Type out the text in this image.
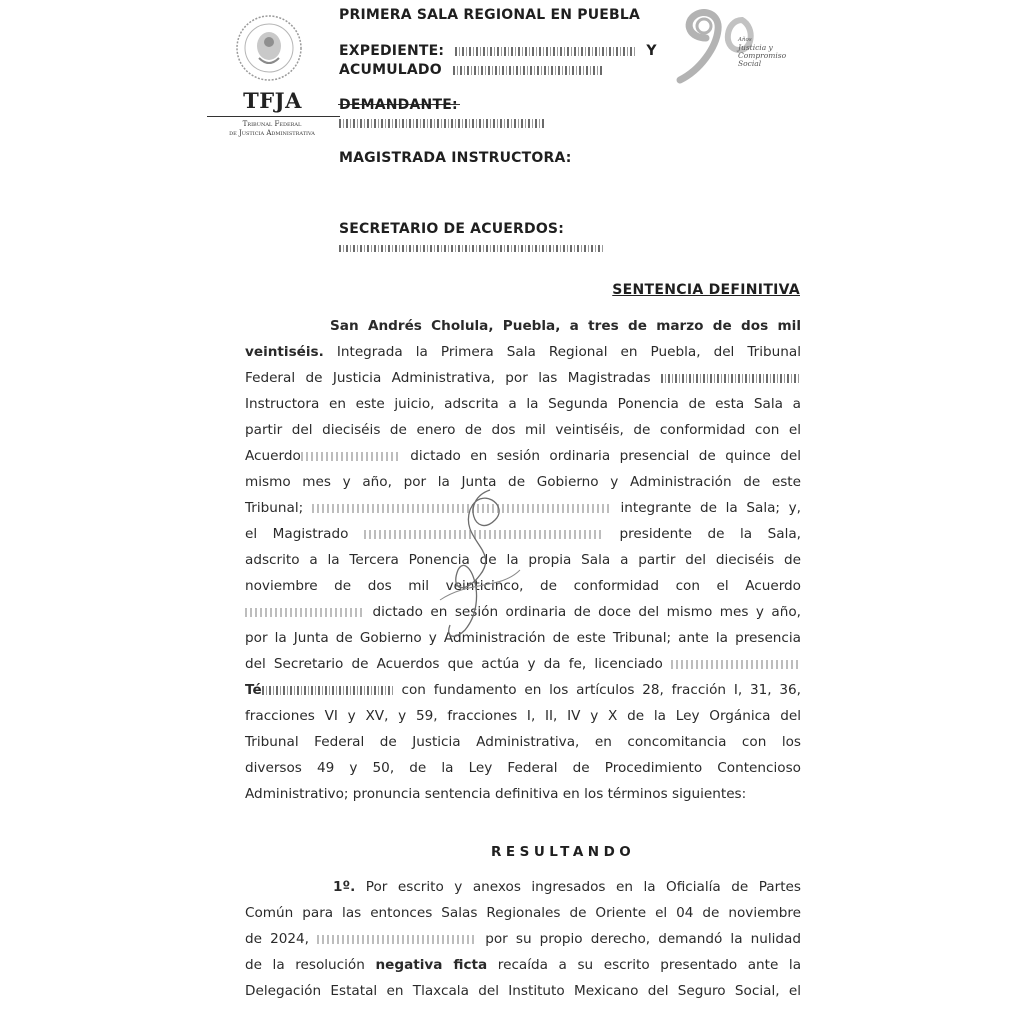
TFJA
Tribunal Federal
de Justicia Administrativa
Años
Justicia y
Compromiso Social
PRIMERA SALA REGIONAL EN PUEBLA
EXPEDIENTE:	Y
ACUMULADO
DEMANDANTE:
MAGISTRADA INSTRUCTORA:
SECRETARIO DE ACUERDOS:
SENTENCIA DEFINITIVA
San Andrés Cholula, Puebla, a tres de marzo de dos mil
veintiséis. Integrada la Primera Sala Regional en Puebla, del Tribunal
Federal de Justicia Administrativa, por las Magistradas
Instructora en este juicio, adscrita a la Segunda Ponencia de esta Sala a
partir del dieciséis de enero de dos mil veintiséis, de conformidad con el
Acuerdo	dictado en sesión ordinaria presencial de quince del
mismo mes y año, por la Junta de Gobierno y Administración de este
Tribunal;	integrante de la Sala; y,
el Magistrado	presidente de la Sala,
adscrito a la Tercera Ponencia de la propia Sala a partir del dieciséis de
noviembre de dos mil veinticinco, de conformidad con el Acuerdo
dictado en sesión ordinaria de doce del mismo mes y año,
por la Junta de Gobierno y Administración de este Tribunal; ante la presencia
del Secretario de Acuerdos que actúa y da fe, licenciado
Té	con fundamento en los artículos 28, fracción I, 31, 36,
fracciones VI y XV, y 59, fracciones I, II, IV y X de la Ley Orgánica del
Tribunal Federal de Justicia Administrativa, en concomitancia con los
diversos 49 y 50, de la Ley Federal de Procedimiento Contencioso
Administrativo; pronuncia sentencia definitiva en los términos siguientes:
RESULTANDO
1º. Por escrito y anexos ingresados en la Oficialía de Partes
Común para las entonces Salas Regionales de Oriente el 04 de noviembre
de 2024,	por su propio derecho, demandó la nulidad
de la resolución negativa ficta recaída a su escrito presentado ante la
Delegación Estatal en Tlaxcala del Instituto Mexicano del Seguro Social, el
